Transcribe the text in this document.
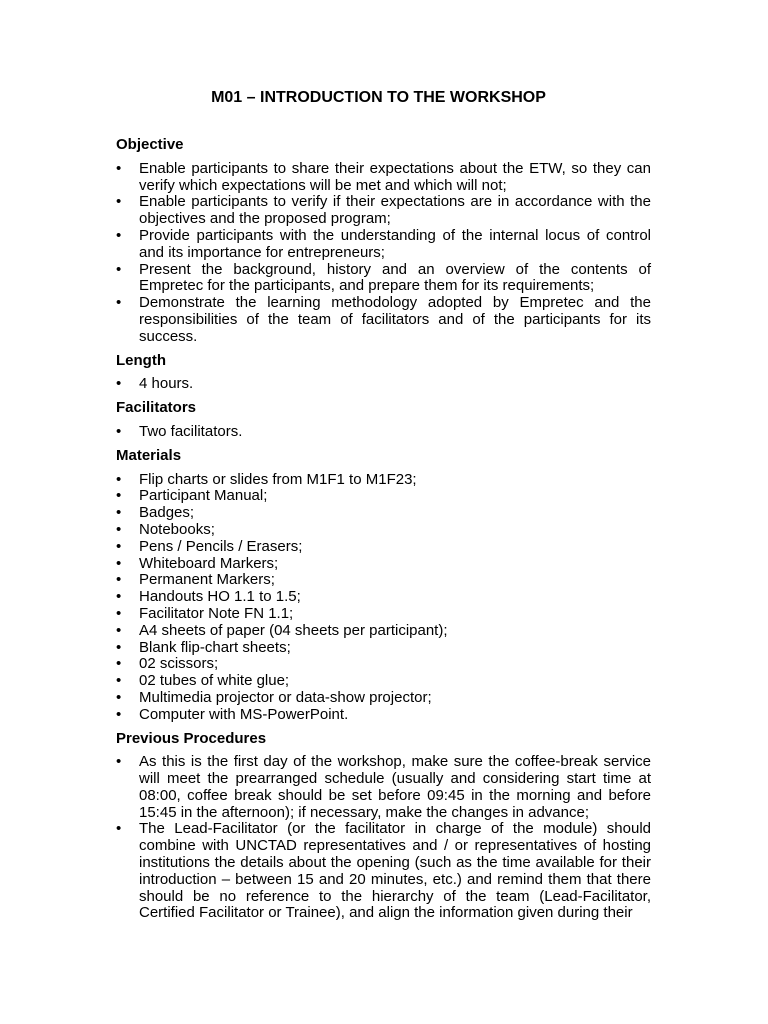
M01 – INTRODUCTION TO THE WORKSHOP
Objective
•	Enable participants to share their expectations about the ETW, so they can verify which expectations will be met and which will not;
•	Enable participants to verify if their expectations are in accordance with the objectives and the proposed program;
•	Provide participants with the understanding of the internal locus of control and its importance for entrepreneurs;
•	Present the background, history and an overview of the contents of Empretec for the participants, and prepare them for its requirements;
•	Demonstrate the learning methodology adopted by Empretec and the responsibilities of the team of facilitators and of the participants for its success.
Length
•	4 hours.
Facilitators
•	Two facilitators.
Materials
•	Flip charts or slides from M1F1 to M1F23;
•	Participant Manual;
•	Badges;
•	Notebooks;
•	Pens / Pencils / Erasers;
•	Whiteboard Markers;
•	Permanent Markers;
•	Handouts HO 1.1 to 1.5;
•	Facilitator Note FN 1.1;
•	A4 sheets of paper (04 sheets per participant);
•	Blank flip-chart sheets;
•	02 scissors;
•	02 tubes of white glue;
•	Multimedia projector or data-show projector;
•	Computer with MS-PowerPoint.
Previous Procedures
•	As this is the first day of the workshop, make sure the coffee-break service will meet the prearranged schedule (usually and considering start time at 08:00, coffee break should be set before 09:45 in the morning and before 15:45 in the afternoon); if necessary, make the changes in advance;
•	The Lead-Facilitator (or the facilitator in charge of the module) should combine with UNCTAD representatives and / or representatives of hosting institutions the details about the opening (such as the time available for their introduction – between 15 and 20 minutes, etc.) and remind them that there should be no reference to the hierarchy of the team (Lead-Facilitator, Certified Facilitator or Trainee), and align the information given during their
